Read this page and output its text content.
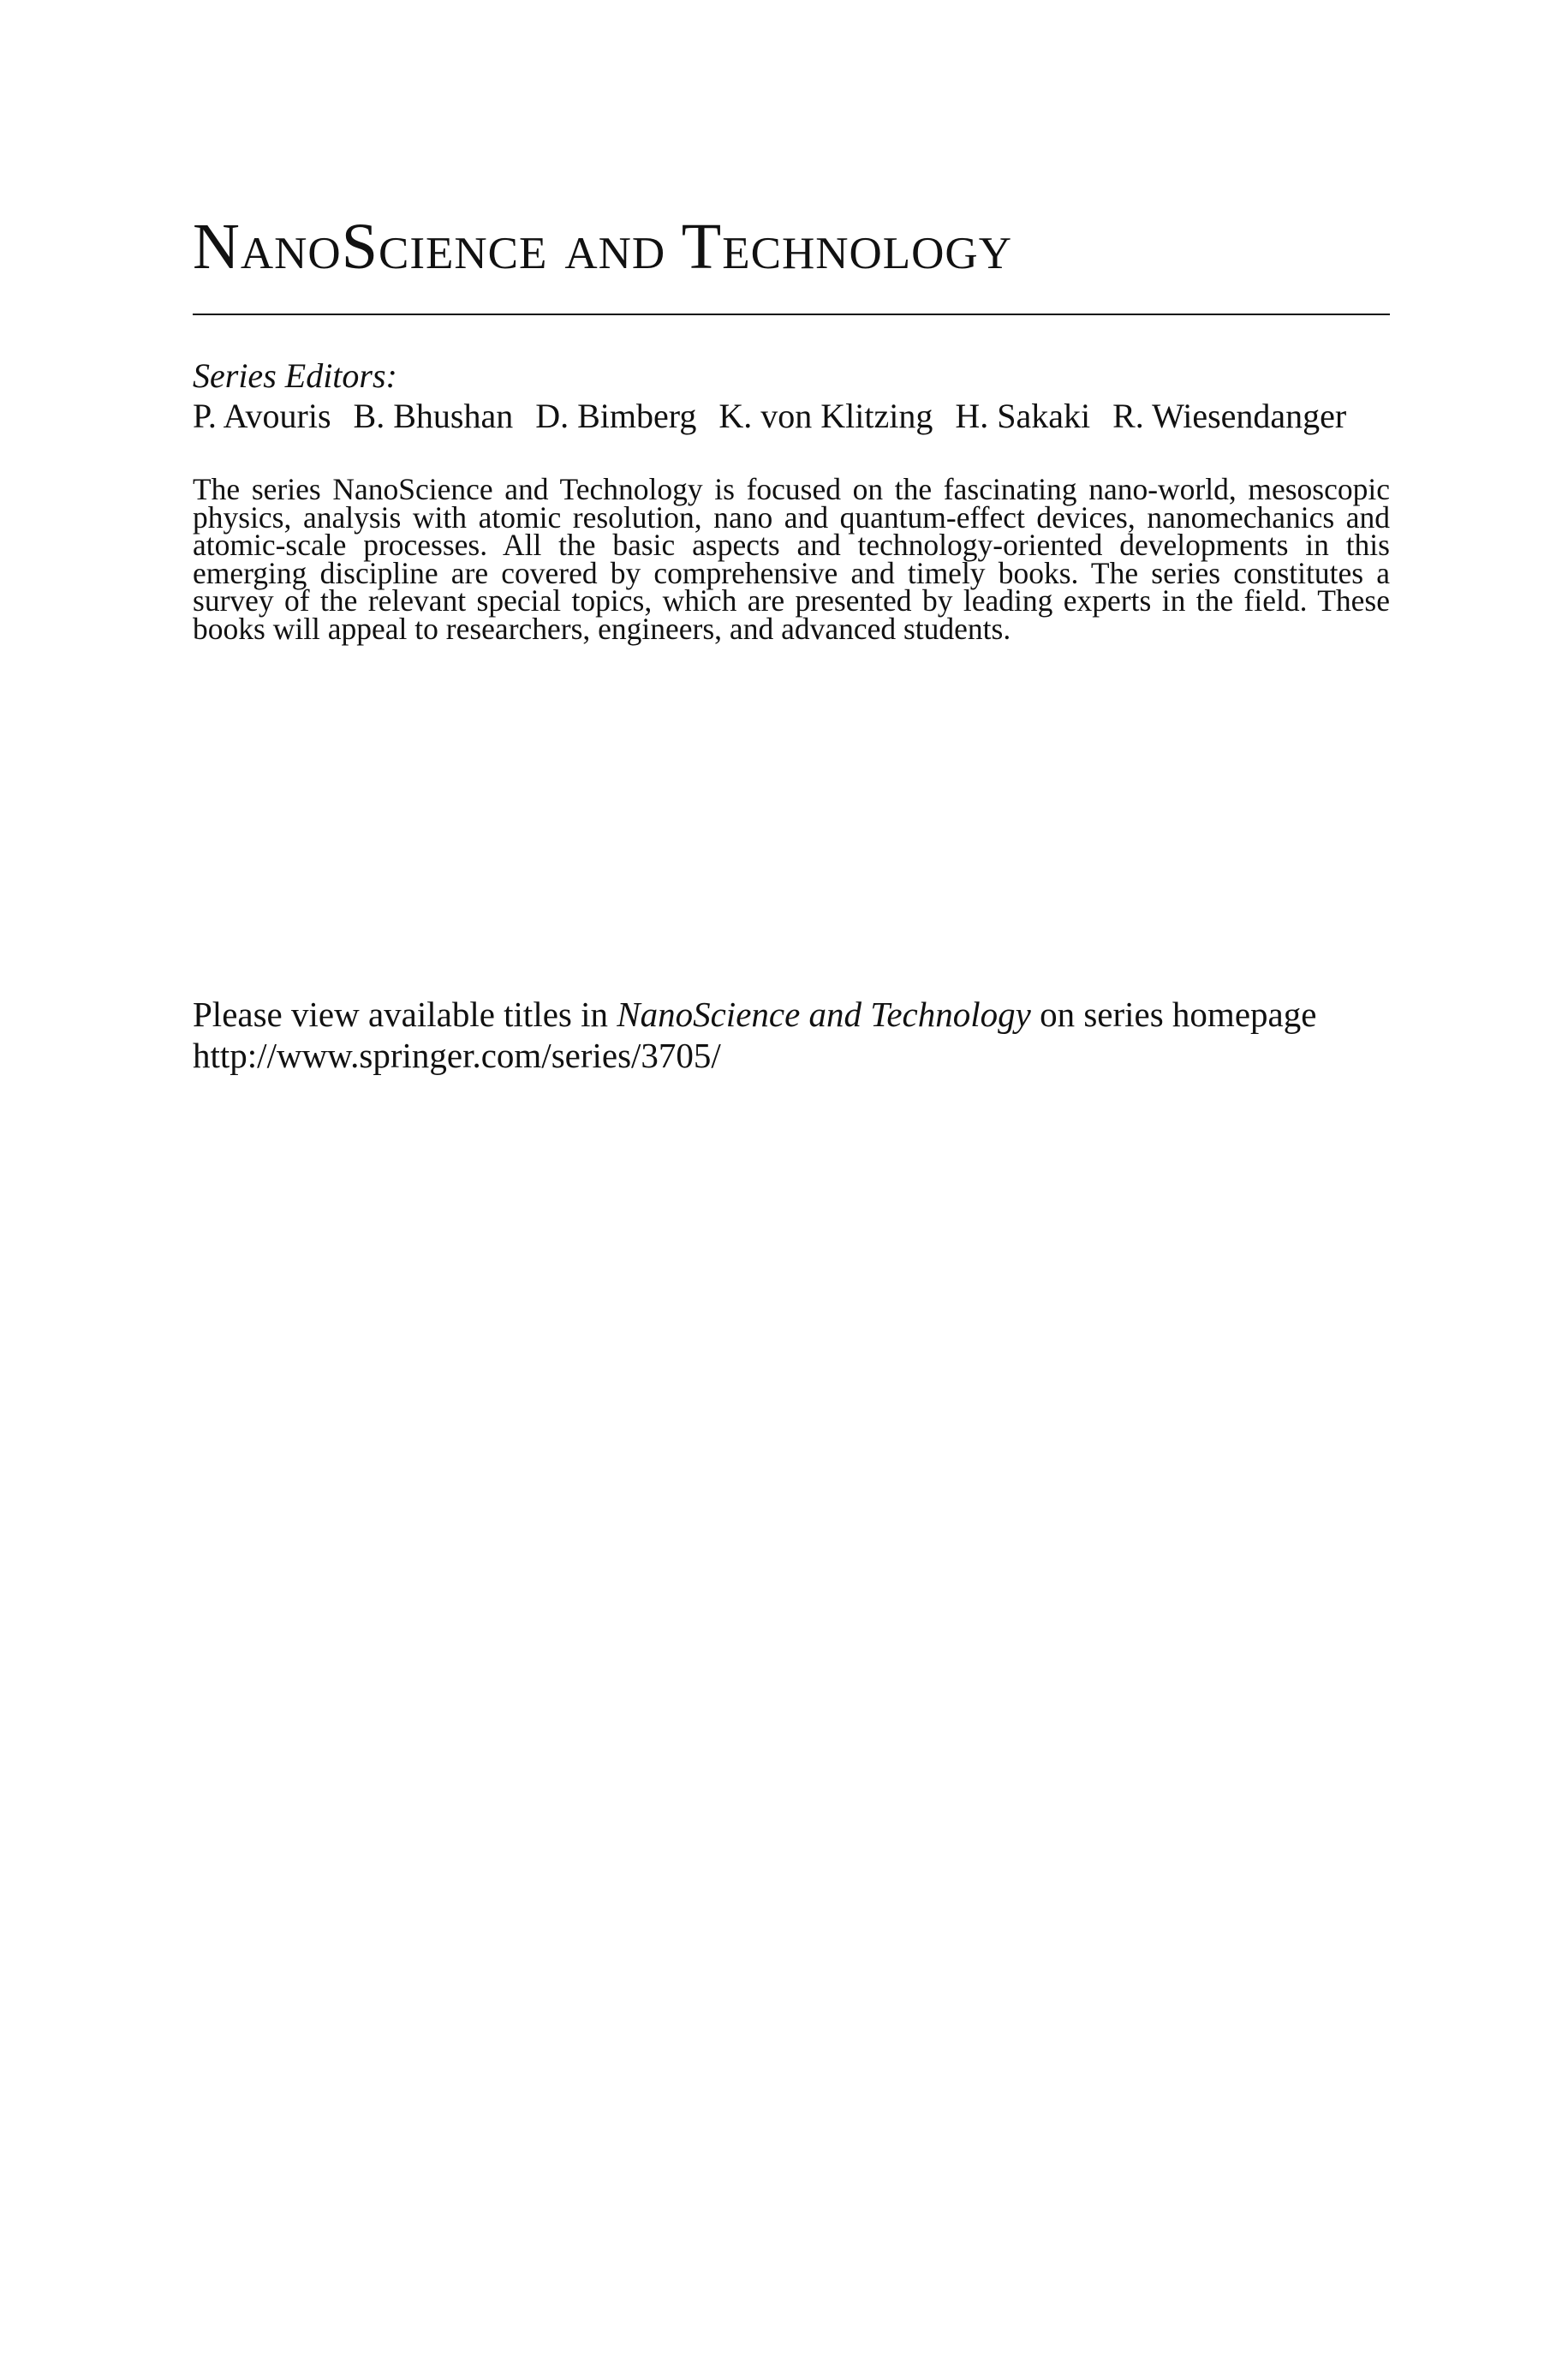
NanoScience and Technology
Series Editors:
P. Avouris B. Bhushan D. Bimberg K. von Klitzing H. Sakaki R. Wiesendanger

The series NanoScience and Technology is focused on the fascinating nano-world, mesoscopic physics, analysis with atomic resolution, nano and quantum-effect devices, nanomechanics and atomic-scale processes. All the basic aspects and technology-oriented developments in this emerging discipline are covered by comprehensive and timely books. The series constitutes a survey of the relevant special topics, which are presented by leading experts in the field. These books will appeal to researchers, engineers, and advanced students.

Please view available titles in NanoScience and Technology on series homepage
http://www.springer.com/series/3705/
